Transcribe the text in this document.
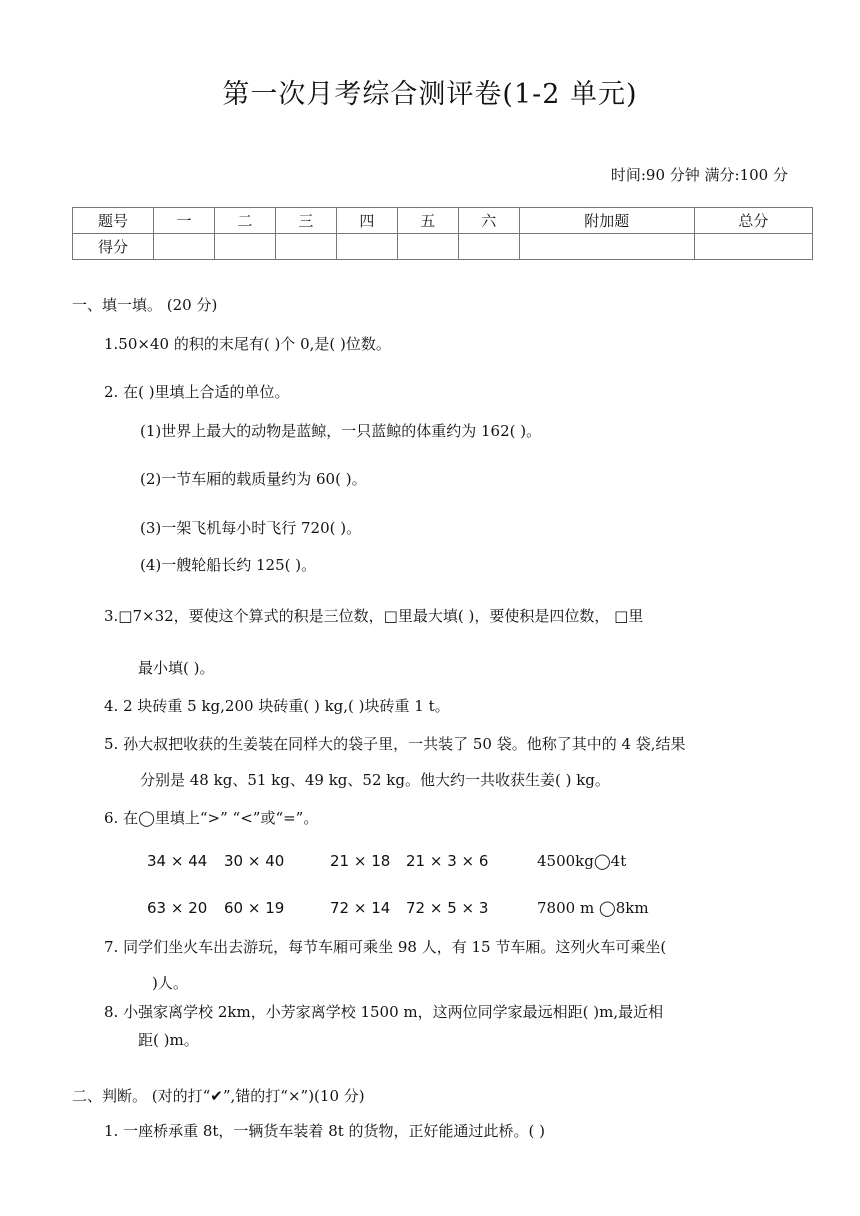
第一次月考综合测评卷(1-2 单元)
时间:90 分钟 满分:100 分
题号	一	二	三	四	五	六	附加题	总分
得分								
一、填一填。 (20 分)
1.50×40 的积的末尾有( )个 0,是( )位数。
2. 在( )里填上合适的单位。
(1)世界上最大的动物是蓝鲸，一只蓝鲸的体重约为 162( )。
(2)一节车厢的载质量约为 60( )。
(3)一架飞机每小时飞行 720( )。
(4)一艘轮船长约 125( )。
3.□7×32，要使这个算式的积是三位数，□里最大填( )，要使积是四位数， □里
最小填( )。
4. 2 块砖重 5 kg,200 块砖重( ) kg,( )块砖重 1 t。
5. 孙大叔把收获的生姜装在同样大的袋子里，一共装了 50 袋。他称了其中的 4 袋,结果
分别是 48 kg、51 kg、49 kg、52 kg。他大约一共收获生姜( ) kg。
6. 在◯里填上“>” “<”或“=”。
34 × 44 30 × 40	21 × 18 21 × 3 × 6	4500kg◯4t
63 × 20 60 × 19	72 × 14 72 × 5 × 3	7800 m ◯8km
7. 同学们坐火车出去游玩，每节车厢可乘坐 98 人，有 15 节车厢。这列火车可乘坐(
)人。
8. 小强家离学校 2km，小芳家离学校 1500 m，这两位同学家最远相距( )m,最近相
距( )m。
二、判断。 (对的打“✔”,错的打“×”)(10 分)
1. 一座桥承重 8t，一辆货车装着 8t 的货物，正好能通过此桥。( )
